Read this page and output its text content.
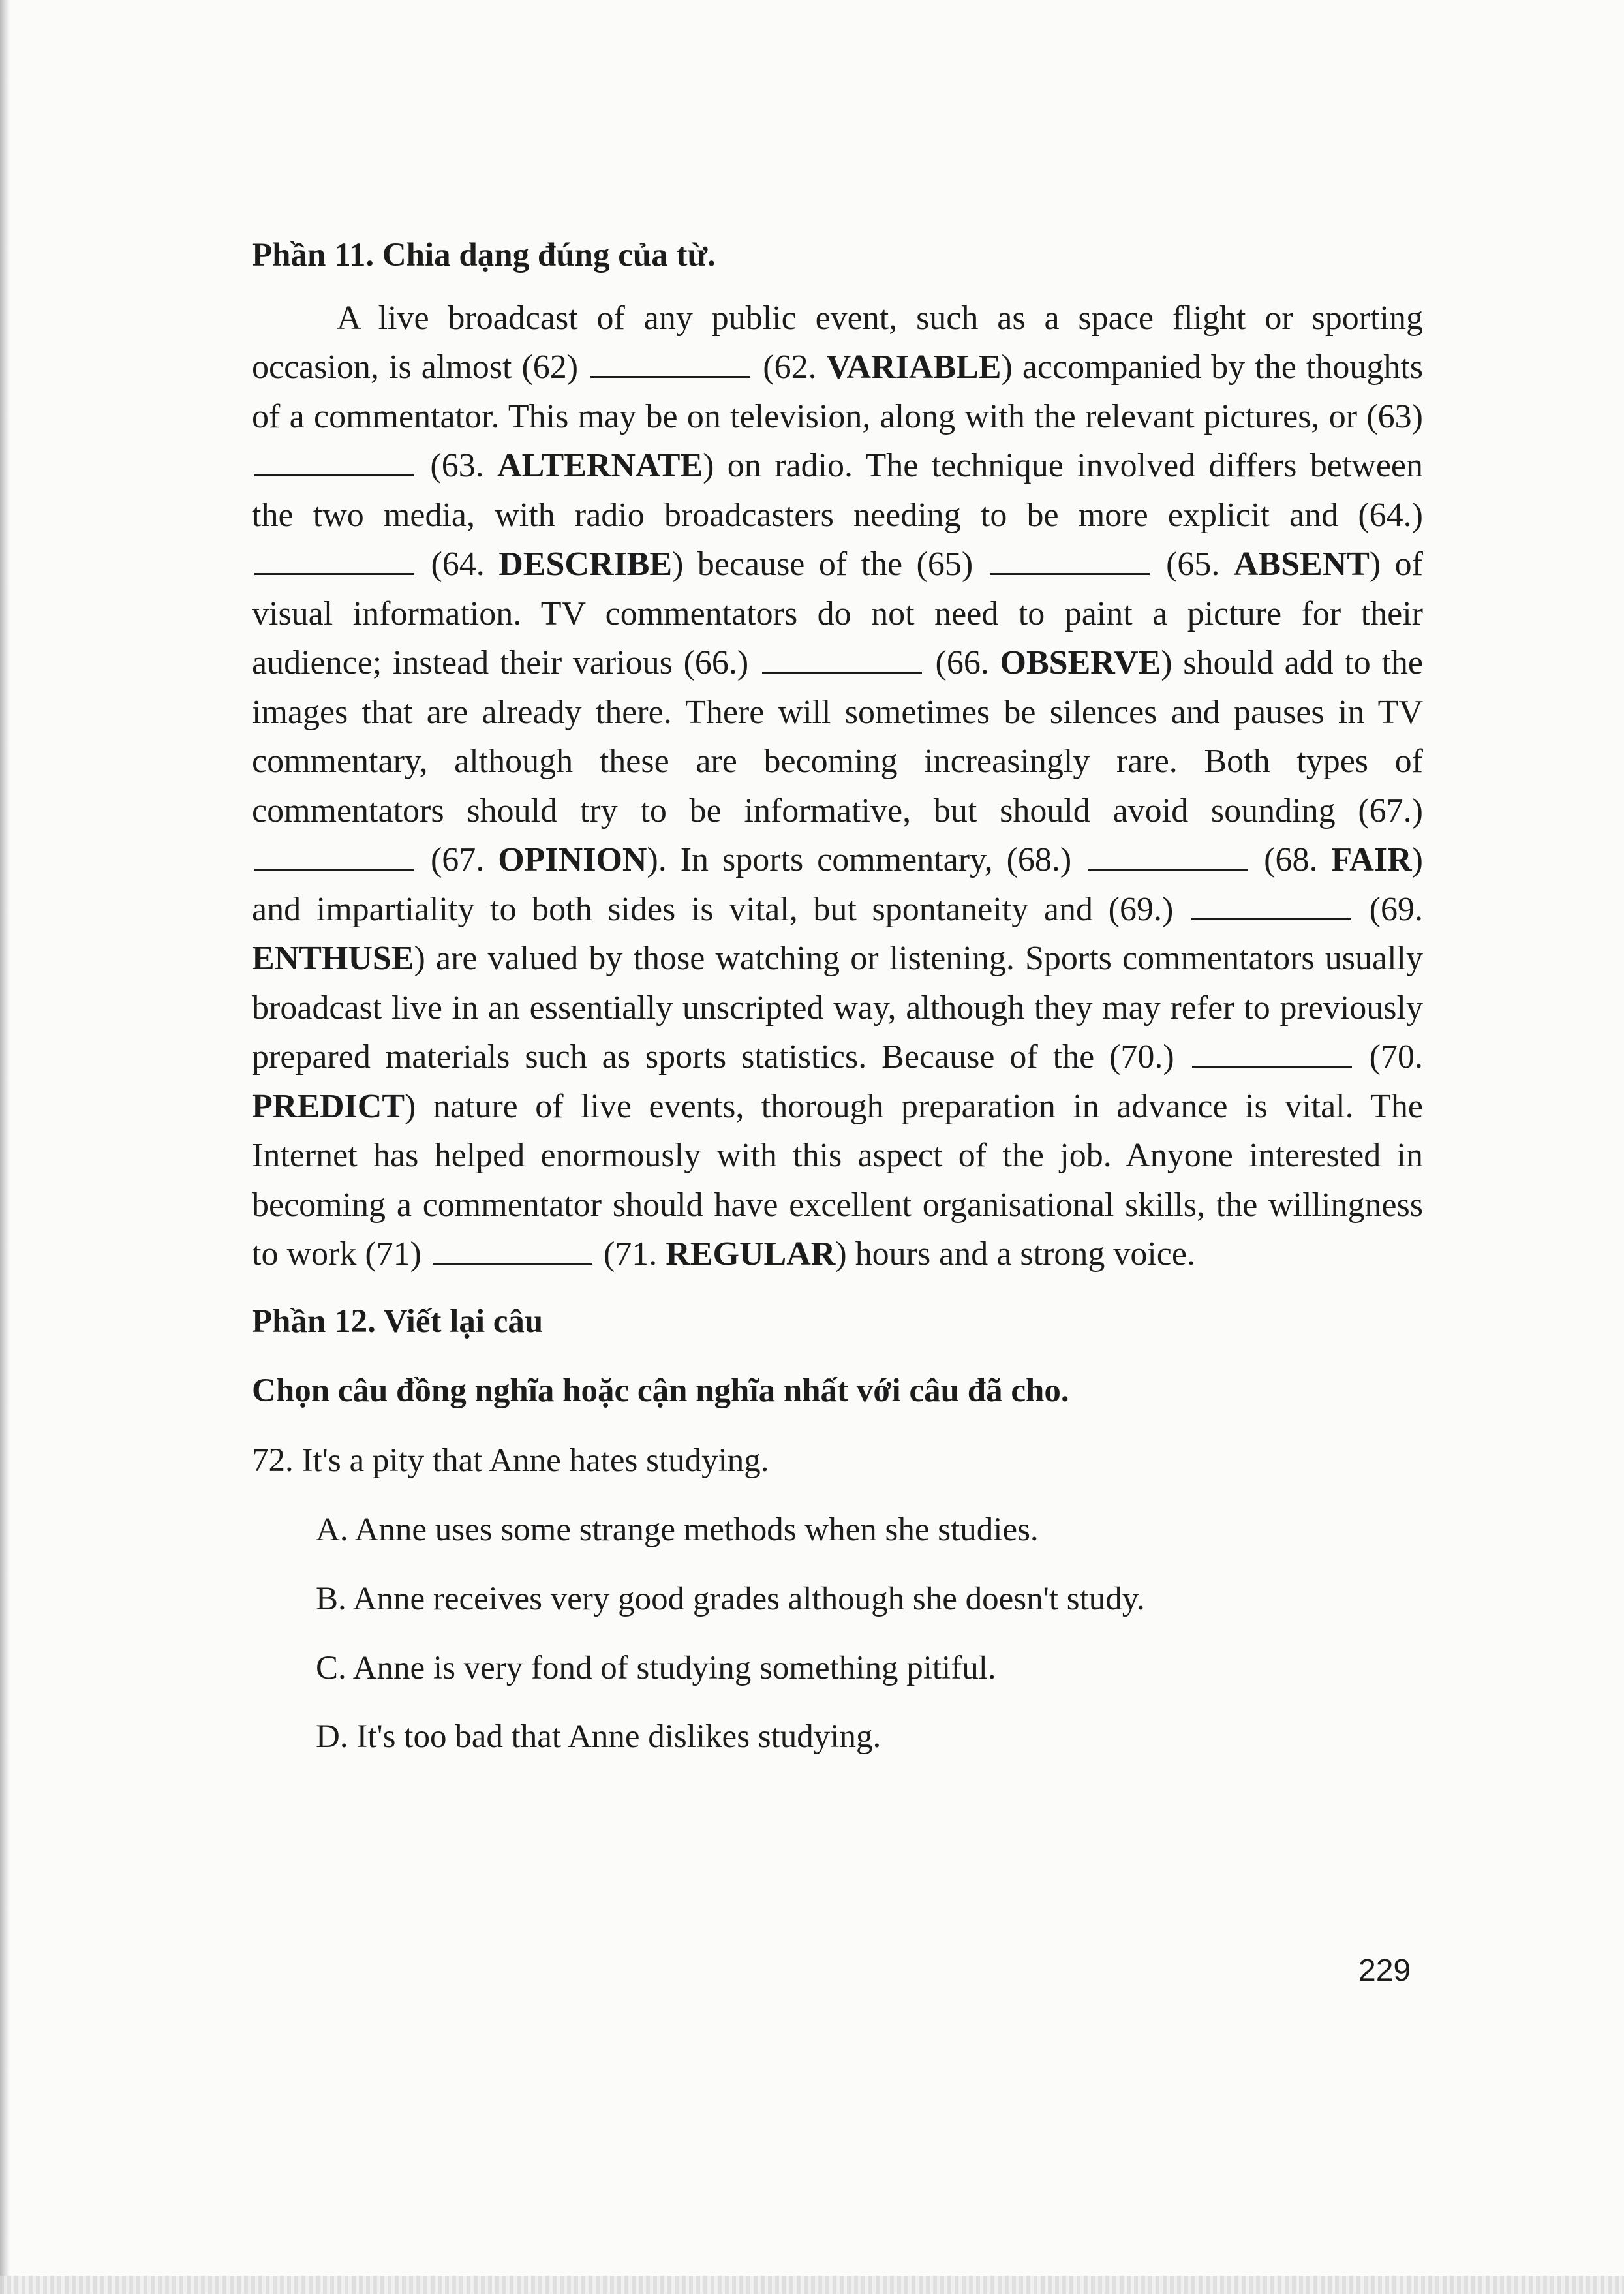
Phần 11. Chia dạng đúng của từ.

A live broadcast of any public event, such as a space flight or sporting occasion, is almost (62)	(62. VARIABLE) accompanied by the thoughts of a commentator. This may be on television, along with the relevant pictures, or (63)  (63. ALTERNATE) on radio. The technique involved differs between the two media, with radio broadcasters needing to be more explicit and (64.)  (64. DESCRIBE) because of the (65)	(65. ABSENT) of visual information. TV commentators do not need to paint a picture for their audience; instead their various (66.)	(66. OBSERVE) should add to the images that are already there. There will sometimes be silences and pauses in TV commentary, although these are becoming increasingly rare. Both types of commentators should try to be informative, but should avoid sounding (67.)  (67. OPINION). In sports commentary, (68.)	(68. FAIR) and impartiality to both sides is vital, but spontaneity and (69.)	(69. ENTHUSE) are valued by those watching or listening. Sports commentators usually broadcast live in an essentially unscripted way, although they may refer to previously prepared materials such as sports statistics. Because of the (70.)	(70. PREDICT) nature of live events, thorough preparation in advance is vital. The Internet has helped enormously with this aspect of the job. Anyone interested in becoming a commentator should have excellent organisational skills, the willingness to work (71)	(71. REGULAR) hours and a strong voice.

Phần 12. Viết lại câu

Chọn câu đồng nghĩa hoặc cận nghĩa nhất với câu đã cho.

72. It's a pity that Anne hates studying.

A. Anne uses some strange methods when she studies.
B. Anne receives very good grades although she doesn't study.
C. Anne is very fond of studying something pitiful.
D. It's too bad that Anne dislikes studying.
229
